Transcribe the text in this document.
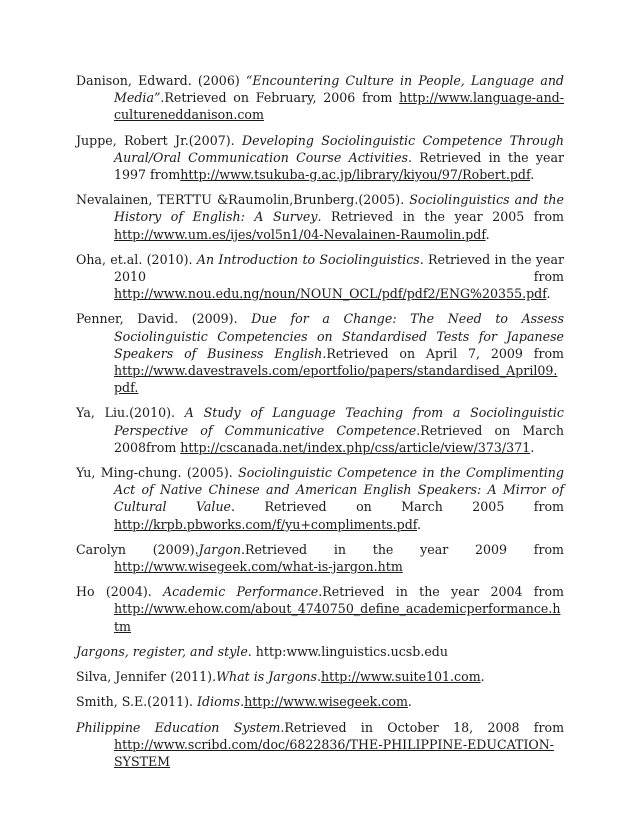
Danison, Edward. (2006) “Encountering Culture in People, Language and Media”.Retrieved on February, 2006 from http://www.language-and-cultureneddanison.com

Juppe, Robert Jr.(2007). Developing Sociolinguistic Competence Through Aural/Oral Communication Course Activities. Retrieved in the year 1997 fromhttp://www.tsukuba-g.ac.jp/library/kiyou/97/Robert.pdf.

Nevalainen, TERTTU &Raumolin,Brunberg.(2005). Sociolinguistics and the History of English: A Survey. Retrieved in the year 2005 from http://www.um.es/ijes/vol5n1/04-Nevalainen-Raumolin.pdf.

Oha, et.al. (2010). An Introduction to Sociolinguistics. Retrieved in the year 2010 from http://www.nou.edu.ng/noun/NOUN_OCL/pdf/pdf2/ENG%20355.pdf.

Penner, David. (2009). Due for a Change: The Need to Assess Sociolinguistic Competencies on Standardised Tests for Japanese Speakers of Business English.Retrieved on April 7, 2009 from http://www.davestravels.com/eportfolio/papers/standardised_April09.pdf.

Ya, Liu.(2010). A Study of Language Teaching from a Sociolinguistic Perspective of Communicative Competence.Retrieved on March 2008from http://cscanada.net/index.php/css/article/view/373/371.

Yu, Ming-chung. (2005). Sociolinguistic Competence in the Complimenting Act of Native Chinese and American English Speakers: A Mirror of Cultural Value. Retrieved on March 2005 from http://krpb.pbworks.com/f/yu+compliments.pdf.

Carolyn (2009).Jargon.Retrieved in the year 2009 from http://www.wisegeek.com/what-is-jargon.htm

Ho (2004). Academic Performance.Retrieved in the year 2004 from http://www.ehow.com/about_4740750_define_academicperformance.htm

Jargons, register, and style. http:www.linguistics.ucsb.edu

Silva, Jennifer (2011).What is Jargons.http://www.suite101.com.

Smith, S.E.(2011). Idioms.http://www.wisegeek.com.

Philippine Education System.Retrieved in October 18, 2008 from http://www.scribd.com/doc/6822836/THE-PHILIPPINE-EDUCATION-SYSTEM
